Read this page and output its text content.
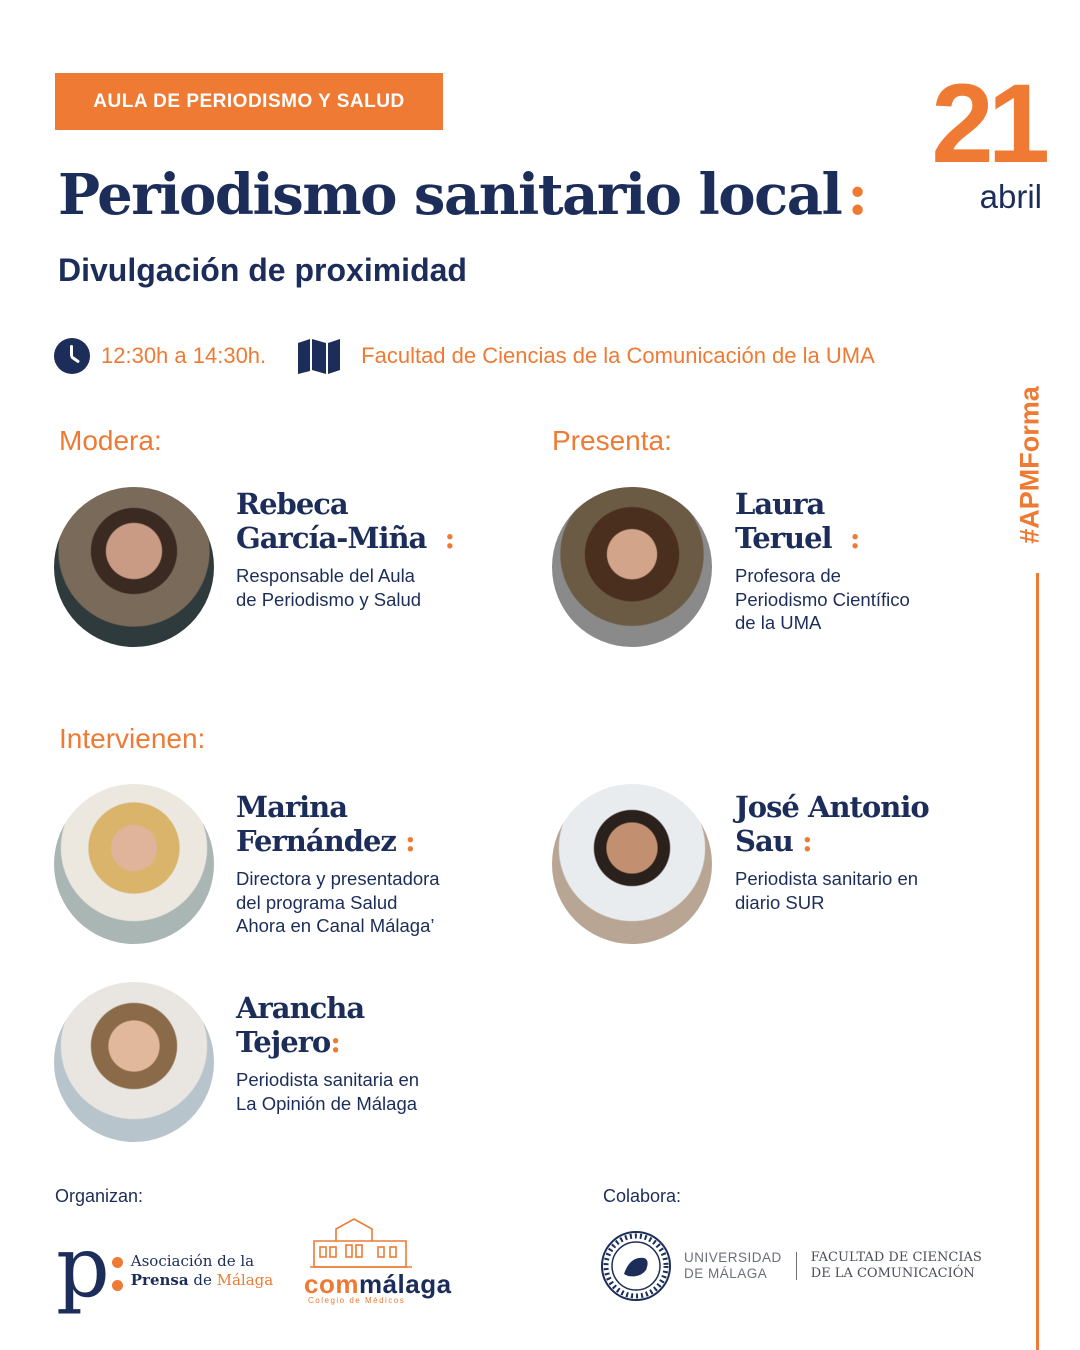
AULA DE PERIODISMO Y SALUD
Periodismo sanitario local :
Divulgación de proximidad
21
abril
12:30h a 14:30h.	Facultad de Ciencias de la Comunicación de la UMA
Modera:	Presenta:
Intervienen:
Rebeca
García-Miña :
Responsable del Aula
de Periodismo y Salud
Laura
Teruel :
Profesora de
Periodismo Científico
de la UMA
Marina
Fernández :
Directora y presentadora
del programa Salud
Ahora en Canal Málaga’
José Antonio
Sau :
Periodista sanitario en
diario SUR
Arancha
Tejero:
Periodista sanitaria en
La Opinión de Málaga
#APMForma
Organizan:	Colabora:
p Asociación de la
Prensa de Málaga commálaga
Colegio de Médicos
UNIVERSIDAD
DE MÁLAGA
FACULTAD DE CIENCIAS
DE LA COMUNICACIÓN
